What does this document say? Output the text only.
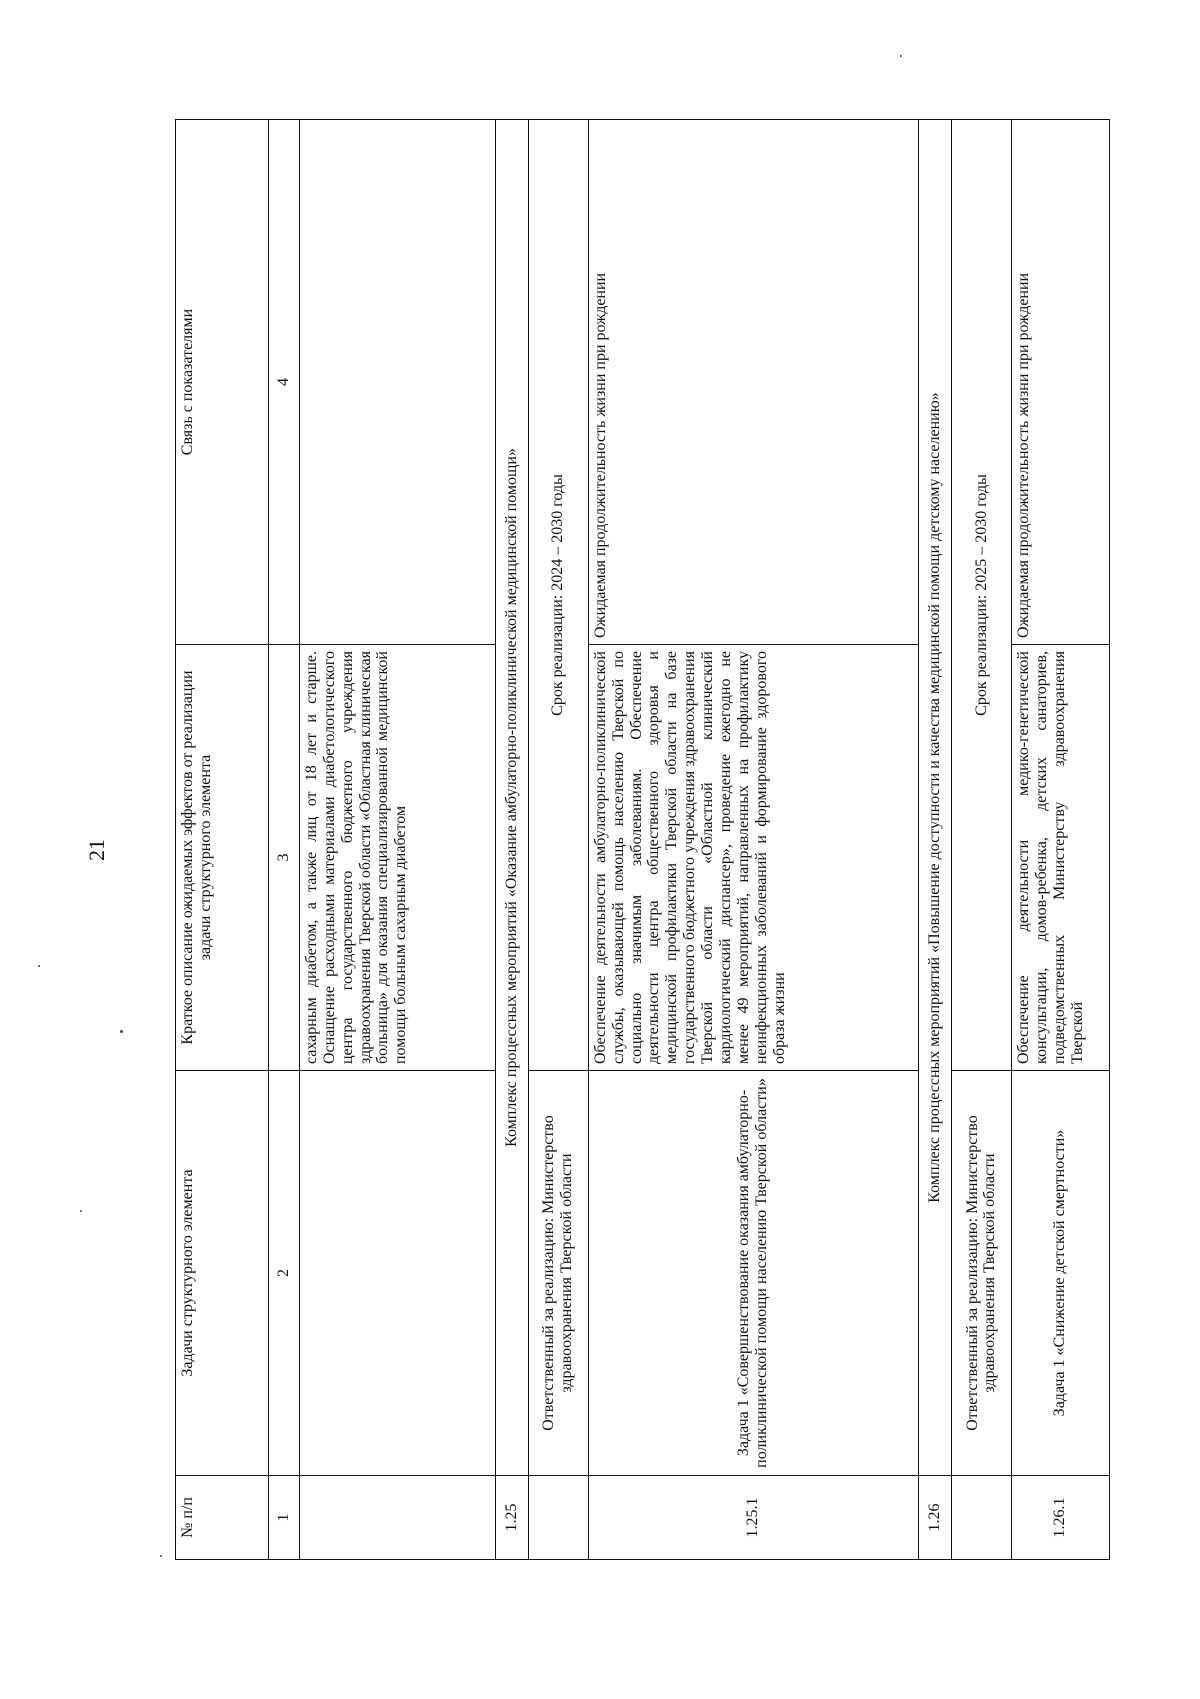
21
№ п/п	Задачи структурного элемента	Краткое описание ожидаемых эффектов от реализации задачи структурного элемента	Связь с показателями
1	2	3	4
		сахарным диабетом, а также лиц от 18 лет и старше. Оснащение расходными материалами диабетологического центра государственного бюджетного учреждения здравоохранения Тверской области «Областная клиническая больница» для оказания специализированной медицинской помощи больным сахарным диабетом	
1.25	Комплекс процессных мероприятий «Оказание амбулаторно-поликлинической медицинской помощи»		
	Ответственный за реализацию: Министерство здравоохранения Тверской области	Срок реализации: 2024 – 2030 годы	
1.25.1	Задача 1 «Совершенствование оказания амбулаторно-поликлинической помощи населению Тверской области»	Обеспечение деятельности амбулаторно-поликлинической службы, оказывающей помощь населению Тверской по социально значимым заболеваниям. Обеспечение деятельности центра общественного здоровья и медицинской профилактики Тверской области на базе государственного бюджетного учреждения здравоохранения Тверской области «Областной клинический кардиологический диспансер», проведение ежегодно не менее 49 мероприятий, направленных на профилактику неинфекционных заболеваний и формирование здорового образа жизни	Ожидаемая продолжительность жизни при рождении
1.26	Комплекс процессных мероприятий «Повышение доступности и качества медицинской помощи детскому населению»		
	Ответственный за реализацию: Министерство здравоохранения Тверской области	Срок реализации: 2025 – 2030 годы	
1.26.1	Задача 1 «Снижение детской смертности»	Обеспечение деятельности медико-генетической консультации, домов-ребенка, детских санаториев, подведомственных Министерству здравоохранения Тверской	Ожидаемая продолжительность жизни при рождении
